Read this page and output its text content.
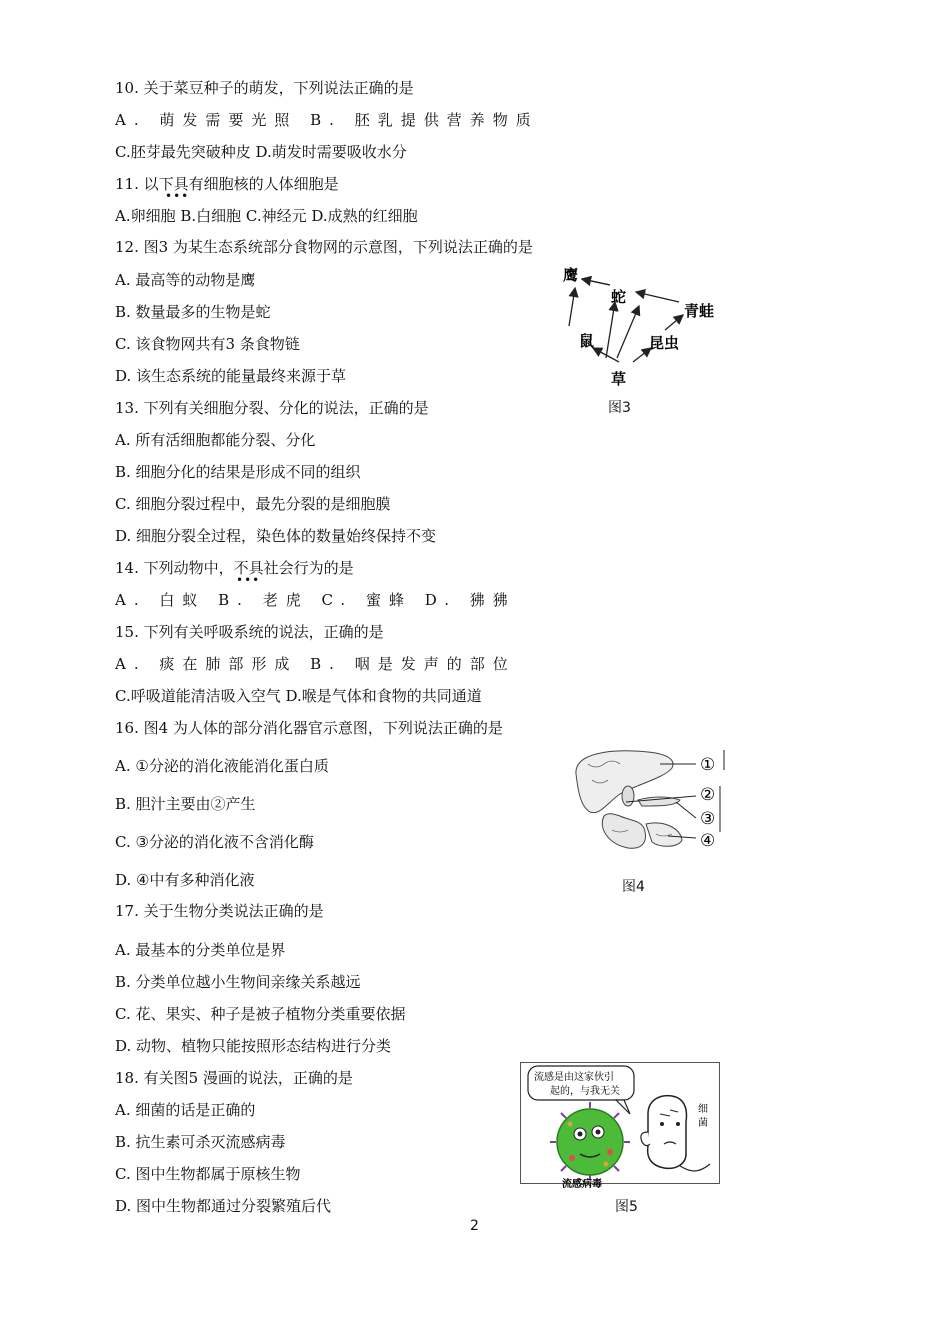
10. 关于菜豆种子的萌发，下列说法正确的是
A. 萌发需要光照 B. 胚乳提供营养物质
C.胚芽最先突破种皮 D.萌发时需要吸收水分
11. 以下具有细胞核的人体细胞是
•••
A.卵细胞 B.白细胞 C.神经元 D.成熟的红细胞
12. 图3 为某生态系统部分食物网的示意图，下列说法正确的是
A. 最高等的动物是鹰
B. 数量最多的生物是蛇
C. 该食物网共有3 条食物链
D. 该生态系统的能量最终来源于草
鹰
蛇
青蛙
鼠	昆虫
草
图3
13. 下列有关细胞分裂、分化的说法，正确的是
A. 所有活细胞都能分裂、分化
B. 细胞分化的结果是形成不同的组织
C. 细胞分裂过程中，最先分裂的是细胞膜
D. 细胞分裂全过程，染色体的数量始终保持不变
14. 下列动物中，不具社会行为的是
•••
A. 白蚁 B. 老虎 C. 蜜蜂 D. 狒狒
15. 下列有关呼吸系统的说法，正确的是
A. 痰在肺部形成 B. 咽是发声的部位
C.呼吸道能清洁吸入空气 D.喉是气体和食物的共同通道
16. 图4 为人体的部分消化器官示意图，下列说法正确的是
A. ①分泌的消化液能消化蛋白质
B. 胆汁主要由②产生
C. ③分泌的消化液不含消化酶
D. ④中有多种消化液
①
②
③
④
图4
17. 关于生物分类说法正确的是
A. 最基本的分类单位是界
B. 分类单位越小生物间亲缘关系越远
C. 花、果实、种子是被子植物分类重要依据
D. 动物、植物只能按照形态结构进行分类
18. 有关图5 漫画的说法，正确的是
A. 细菌的话是正确的
B. 抗生素可杀灭流感病毒
C. 图中生物都属于原核生物
D. 图中生物都通过分裂繁殖后代
流感是由这家伙引
起的，与我无关
流感病毒
细
菌
图5
2
